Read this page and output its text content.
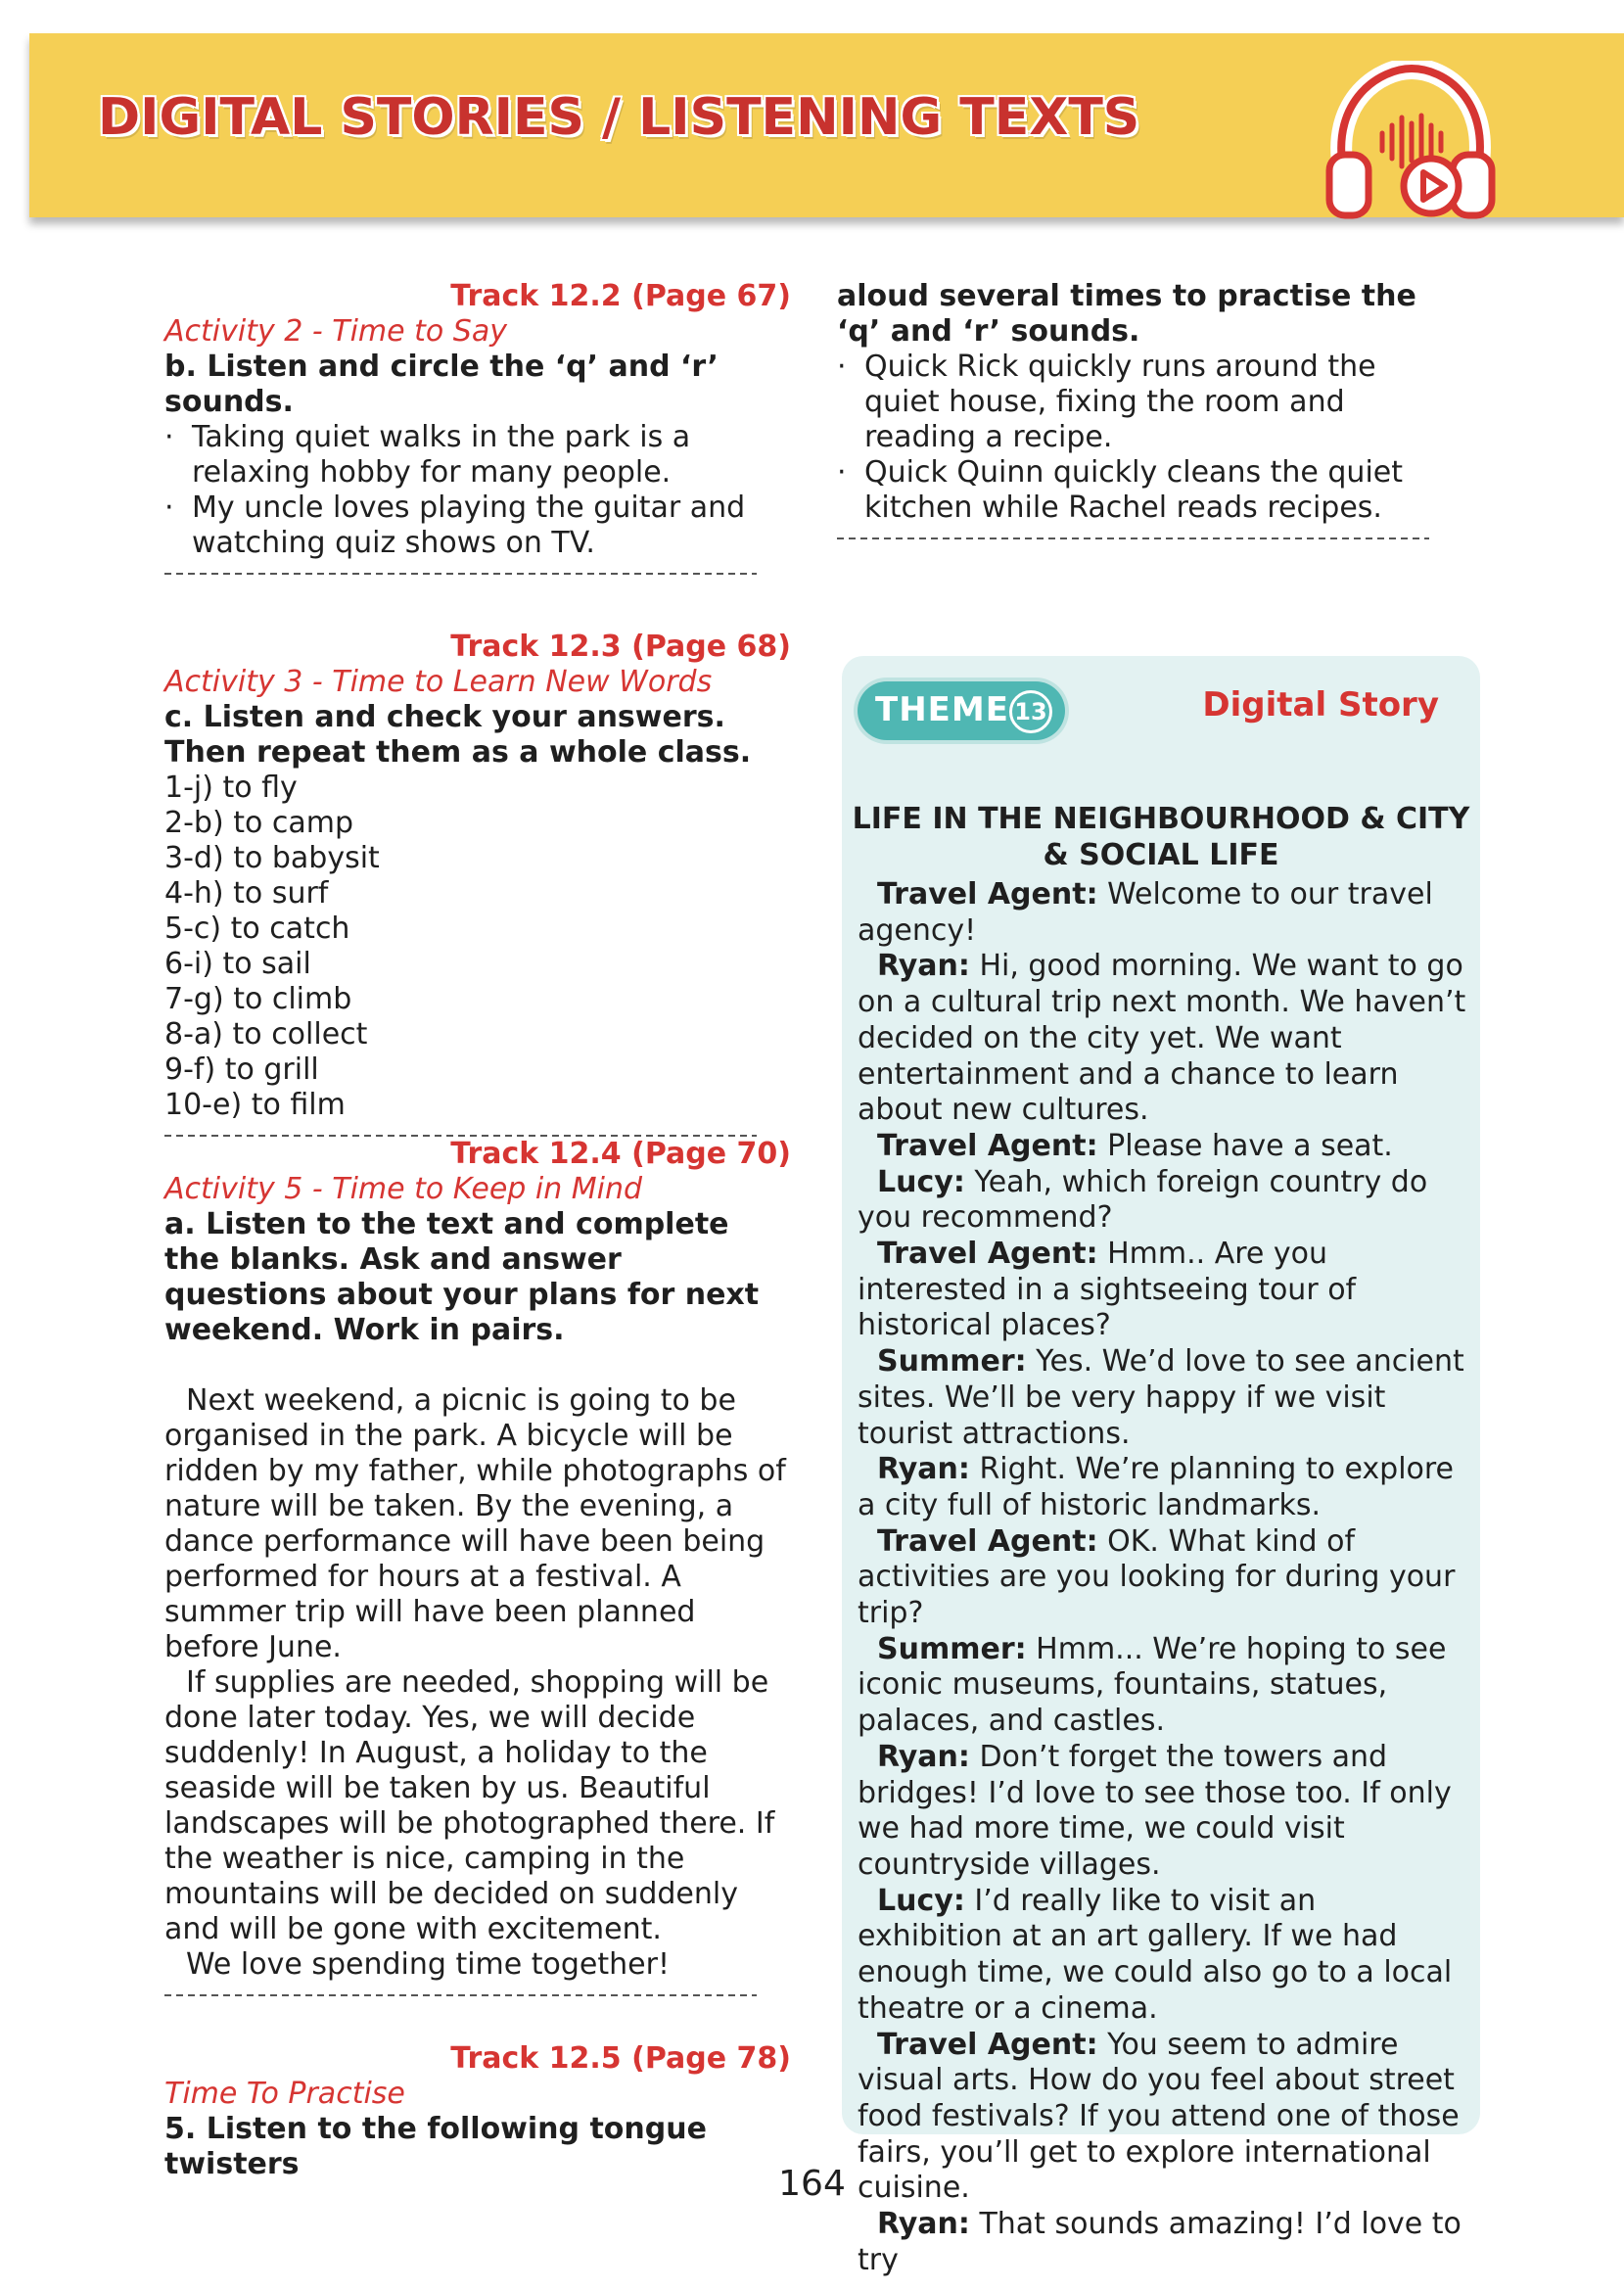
DIGITAL STORIES / LISTENING TEXTS
Track 12.2 (Page 67)
Activity 2 - Time to Say
b. Listen and circle the ‘q’ and ‘r’ sounds.
· Taking quiet walks in the park is a relaxing hobby for many people.
· My uncle loves playing the guitar and watching quiz shows on TV.
Track 12.3 (Page 68)
Activity 3 - Time to Learn New Words
c. Listen and check your answers. Then repeat them as a whole class.
1-j) to fly
2-b) to camp
3-d) to babysit
4-h) to surf
5-c) to catch
6-i) to sail
7-g) to climb
8-a) to collect
9-f) to grill
10-e) to film
Track 12.4 (Page 70)
Activity 5 - Time to Keep in Mind
a. Listen to the text and complete the blanks. Ask and answer questions about your plans for next weekend. Work in pairs.
Next weekend, a picnic is going to be organised in the park. A bicycle will be ridden by my father, while photographs of nature will be taken. By the evening, a dance performance will have been being performed for hours at a festival. A summer trip will have been planned before June.
If supplies are needed, shopping will be done later today. Yes, we will decide suddenly! In August, a holiday to the seaside will be taken by us. Beautiful landscapes will be photographed there. If the weather is nice, camping in the mountains will be decided on suddenly and will be gone with excitement.
We love spending time together!
Track 12.5 (Page 78)
Time To Practise
5. Listen to the following tongue twisters
aloud several times to practise the ‘q’ and ‘r’ sounds.
· Quick Rick quickly runs around the quiet house, fixing the room and reading a recipe.
· Quick Quinn quickly cleans the quiet kitchen while Rachel reads recipes.
THEME 13	Digital Story
LIFE IN THE NEIGHBOURHOOD & CITY & SOCIAL LIFE
Travel Agent: Welcome to our travel agency!
Ryan: Hi, good morning. We want to go on a cultural trip next month. We haven’t decided on the city yet. We want entertainment and a chance to learn about new cultures.
Travel Agent: Please have a seat.
Lucy: Yeah, which foreign country do you recommend?
Travel Agent: Hmm.. Are you interested in a sightseeing tour of historical places?
Summer: Yes. We’d love to see ancient sites. We’ll be very happy if we visit tourist attractions.
Ryan: Right. We’re planning to explore a city full of historic landmarks.
Travel Agent: OK. What kind of activities are you looking for during your trip?
Summer: Hmm... We’re hoping to see iconic museums, fountains, statues, palaces, and castles.
Ryan: Don’t forget the towers and bridges! I’d love to see those too. If only we had more time, we could visit countryside villages.
Lucy: I’d really like to visit an exhibition at an art gallery. If we had enough time, we could also go to a local theatre or a cinema.
Travel Agent: You seem to admire visual arts. How do you feel about street food festivals? If you attend one of those fairs, you’ll get to explore international cuisine.
Ryan: That sounds amazing! I’d love to try
164
